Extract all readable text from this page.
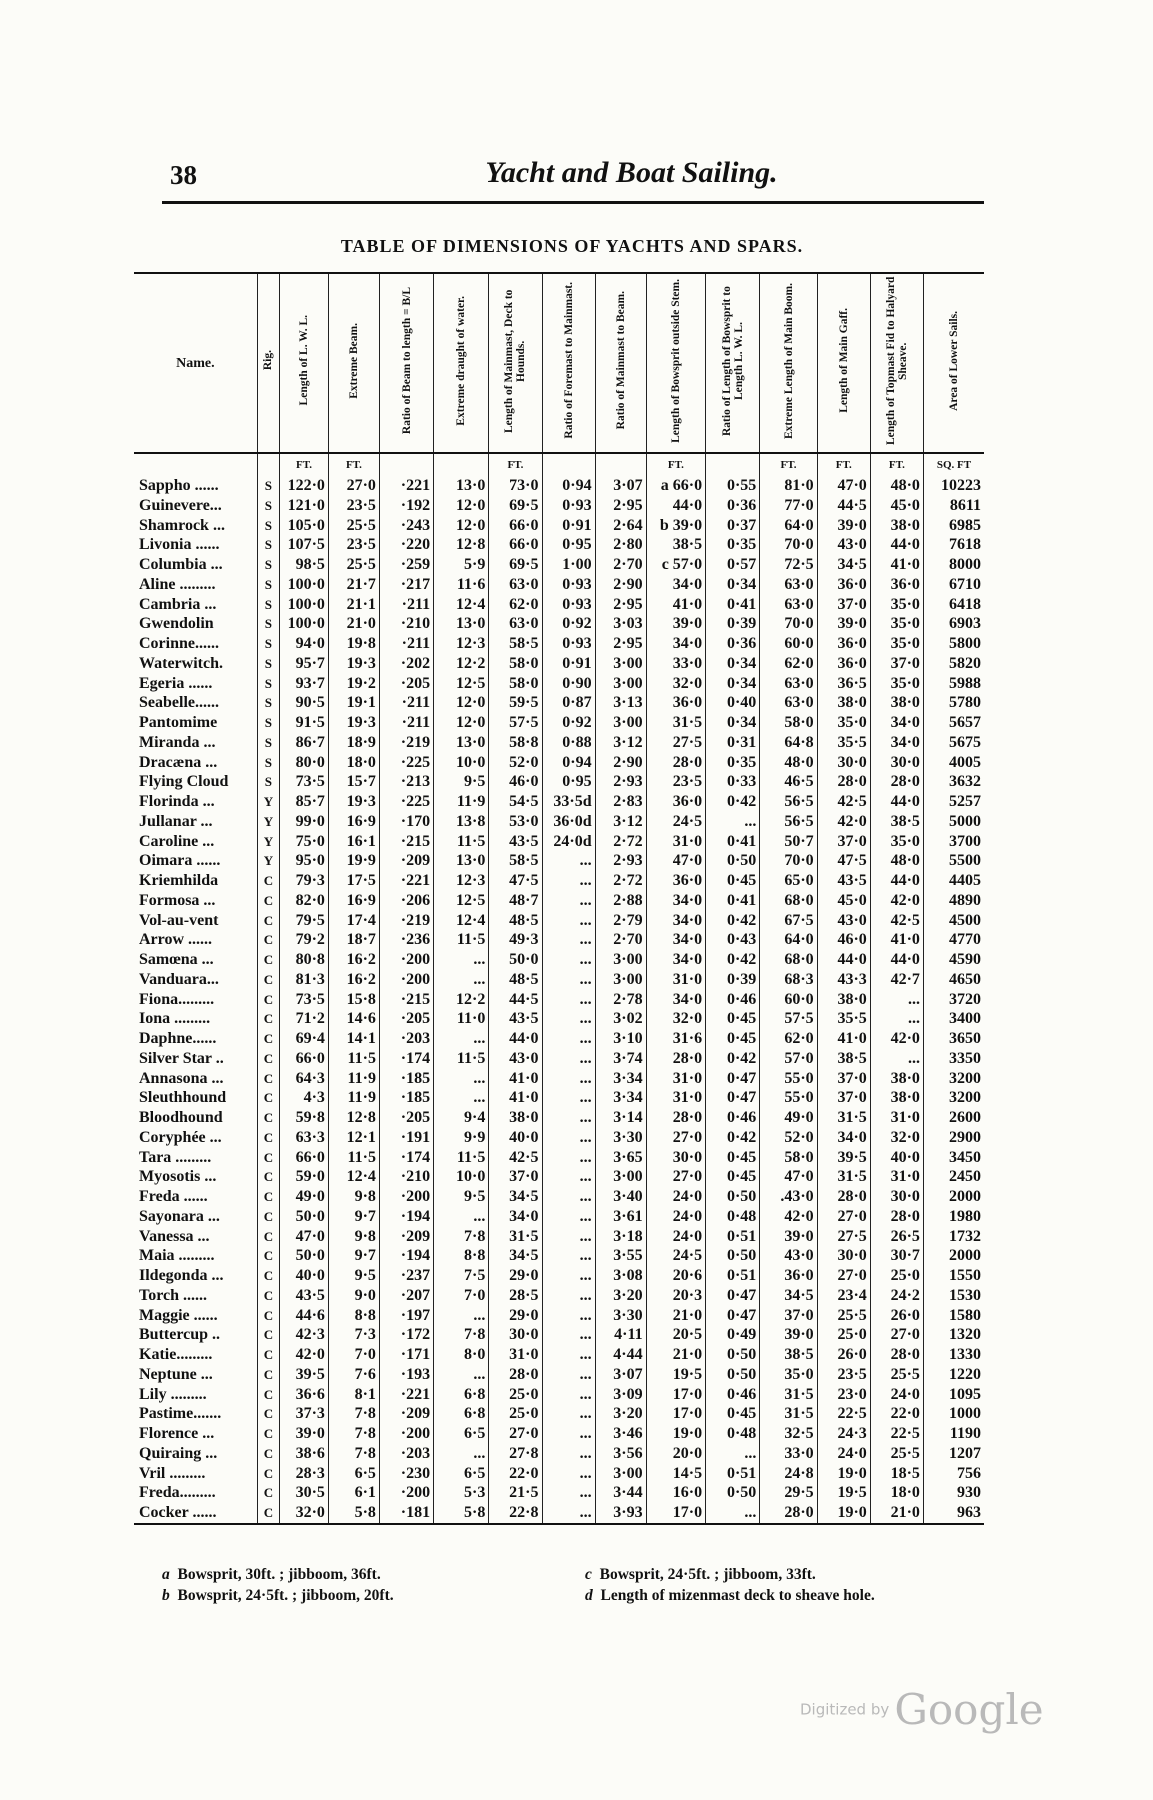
38	Yacht and Boat Sailing.
TABLE OF DIMENSIONS OF YACHTS AND SPARS.
Name.	Rig.	Length of L. W. L.	Extreme Beam.	Ratio of Beam to length = B/L	Extreme draught of water.	Length of Mainmast, Deck to Hounds.	Ratio of Foremast to Mainmast.	Ratio of Mainmast to Beam.	Length of Bowsprit outside Stem.	Ratio of Length of Bowsprit to Length L. W. L.	Extreme Length of Main Boom.	Length of Main Gaff.	Length of Topmast Fid to Halyard Sheave.	Area of Lower Sails.
		FT.	FT.			FT.			FT.		FT.	FT.	FT.	SQ. FT
Sappho ......	S	122·0	27·0	·221	13·0	73·0	0·94	3·07	a 66·0	0·55	81·0	47·0	48·0	10223
Guinevere...	S	121·0	23·5	·192	12·0	69·5	0·93	2·95	44·0	0·36	77·0	44·5	45·0	8611
Shamrock ...	S	105·0	25·5	·243	12·0	66·0	0·91	2·64	b 39·0	0·37	64·0	39·0	38·0	6985
Livonia ......	S	107·5	23·5	·220	12·8	66·0	0·95	2·80	38·5	0·35	70·0	43·0	44·0	7618
Columbia ...	S	98·5	25·5	·259	5·9	69·5	1·00	2·70	c 57·0	0·57	72·5	34·5	41·0	8000
Aline .........	S	100·0	21·7	·217	11·6	63·0	0·93	2·90	34·0	0·34	63·0	36·0	36·0	6710
Cambria ...	S	100·0	21·1	·211	12·4	62·0	0·93	2·95	41·0	0·41	63·0	37·0	35·0	6418
Gwendolin	S	100·0	21·0	·210	13·0	63·0	0·92	3·03	39·0	0·39	70·0	39·0	35·0	6903
Corinne......	S	94·0	19·8	·211	12·3	58·5	0·93	2·95	34·0	0·36	60·0	36·0	35·0	5800
Waterwitch.	S	95·7	19·3	·202	12·2	58·0	0·91	3·00	33·0	0·34	62·0	36·0	37·0	5820
Egeria ......	S	93·7	19·2	·205	12·5	58·0	0·90	3·00	32·0	0·34	63·0	36·5	35·0	5988
Seabelle......	S	90·5	19·1	·211	12·0	59·5	0·87	3·13	36·0	0·40	63·0	38·0	38·0	5780
Pantomime	S	91·5	19·3	·211	12·0	57·5	0·92	3·00	31·5	0·34	58·0	35·0	34·0	5657
Miranda ...	S	86·7	18·9	·219	13·0	58·8	0·88	3·12	27·5	0·31	64·8	35·5	34·0	5675
Dracæna ...	S	80·0	18·0	·225	10·0	52·0	0·94	2·90	28·0	0·35	48·0	30·0	30·0	4005
Flying Cloud	S	73·5	15·7	·213	9·5	46·0	0·95	2·93	23·5	0·33	46·5	28·0	28·0	3632
Florinda ...	Y	85·7	19·3	·225	11·9	54·5	33·5d	2·83	36·0	0·42	56·5	42·5	44·0	5257
Jullanar ...	Y	99·0	16·9	·170	13·8	53·0	36·0d	3·12	24·5	...	56·5	42·0	38·5	5000
Caroline ...	Y	75·0	16·1	·215	11·5	43·5	24·0d	2·72	31·0	0·41	50·7	37·0	35·0	3700
Oimara ......	Y	95·0	19·9	·209	13·0	58·5	...	2·93	47·0	0·50	70·0	47·5	48·0	5500
Kriemhilda	C	79·3	17·5	·221	12·3	47·5	...	2·72	36·0	0·45	65·0	43·5	44·0	4405
Formosa ...	C	82·0	16·9	·206	12·5	48·7	...	2·88	34·0	0·41	68·0	45·0	42·0	4890
Vol-au-vent	C	79·5	17·4	·219	12·4	48·5	...	2·79	34·0	0·42	67·5	43·0	42·5	4500
Arrow ......	C	79·2	18·7	·236	11·5	49·3	...	2·70	34·0	0·43	64·0	46·0	41·0	4770
Samœna ...	C	80·8	16·2	·200	...	50·0	...	3·00	34·0	0·42	68·0	44·0	44·0	4590
Vanduara...	C	81·3	16·2	·200	...	48·5	...	3·00	31·0	0·39	68·3	43·3	42·7	4650
Fiona.........	C	73·5	15·8	·215	12·2	44·5	...	2·78	34·0	0·46	60·0	38·0	...	3720
Iona .........	C	71·2	14·6	·205	11·0	43·5	...	3·02	32·0	0·45	57·5	35·5	...	3400
Daphne......	C	69·4	14·1	·203	...	44·0	...	3·10	31·6	0·45	62·0	41·0	42·0	3650
Silver Star ..	C	66·0	11·5	·174	11·5	43·0	...	3·74	28·0	0·42	57·0	38·5	...	3350
Annasona ...	C	64·3	11·9	·185	...	41·0	...	3·34	31·0	0·47	55·0	37·0	38·0	3200
Sleuthhound	C	4·3	11·9	·185	...	41·0	...	3·34	31·0	0·47	55·0	37·0	38·0	3200
Bloodhound	C	59·8	12·8	·205	9·4	38·0	...	3·14	28·0	0·46	49·0	31·5	31·0	2600
Coryphée ...	C	63·3	12·1	·191	9·9	40·0	...	3·30	27·0	0·42	52·0	34·0	32·0	2900
Tara .........	C	66·0	11·5	·174	11·5	42·5	...	3·65	30·0	0·45	58·0	39·5	40·0	3450
Myosotis ...	C	59·0	12·4	·210	10·0	37·0	...	3·00	27·0	0·45	47·0	31·5	31·0	2450
Freda ......	C	49·0	9·8	·200	9·5	34·5	...	3·40	24·0	0·50	.43·0	28·0	30·0	2000
Sayonara ...	C	50·0	9·7	·194	...	34·0	...	3·61	24·0	0·48	42·0	27·0	28·0	1980
Vanessa ...	C	47·0	9·8	·209	7·8	31·5	...	3·18	24·0	0·51	39·0	27·5	26·5	1732
Maia .........	C	50·0	9·7	·194	8·8	34·5	...	3·55	24·5	0·50	43·0	30·0	30·7	2000
Ildegonda ...	C	40·0	9·5	·237	7·5	29·0	...	3·08	20·6	0·51	36·0	27·0	25·0	1550
Torch ......	C	43·5	9·0	·207	7·0	28·5	...	3·20	20·3	0·47	34·5	23·4	24·2	1530
Maggie ......	C	44·6	8·8	·197	...	29·0	...	3·30	21·0	0·47	37·0	25·5	26·0	1580
Buttercup ..	C	42·3	7·3	·172	7·8	30·0	...	4·11	20·5	0·49	39·0	25·0	27·0	1320
Katie.........	C	42·0	7·0	·171	8·0	31·0	...	4·44	21·0	0·50	38·5	26·0	28·0	1330
Neptune ...	C	39·5	7·6	·193	...	28·0	...	3·07	19·5	0·50	35·0	23·5	25·5	1220
Lily .........	C	36·6	8·1	·221	6·8	25·0	...	3·09	17·0	0·46	31·5	23·0	24·0	1095
Pastime.......	C	37·3	7·8	·209	6·8	25·0	...	3·20	17·0	0·45	31·5	22·5	22·0	1000
Florence ...	C	39·0	7·8	·200	6·5	27·0	...	3·46	19·0	0·48	32·5	24·3	22·5	1190
Quiraing ...	C	38·6	7·8	·203	...	27·8	...	3·56	20·0	...	33·0	24·0	25·5	1207
Vril .........	C	28·3	6·5	·230	6·5	22·0	...	3·00	14·5	0·51	24·8	19·0	18·5	756
Freda.........	C	30·5	6·1	·200	5·3	21·5	...	3·44	16·0	0·50	29·5	19·5	18·0	930
Cocker ......	C	32·0	5·8	·181	5·8	22·8	...	3·93	17·0	...	28·0	19·0	21·0	963
a Bowsprit, 30ft. ; jibboom, 36ft.
b Bowsprit, 24·5ft. ; jibboom, 20ft.
c Bowsprit, 24·5ft. ; jibboom, 33ft.
d Length of mizenmast deck to sheave hole.
Digitized by Google
